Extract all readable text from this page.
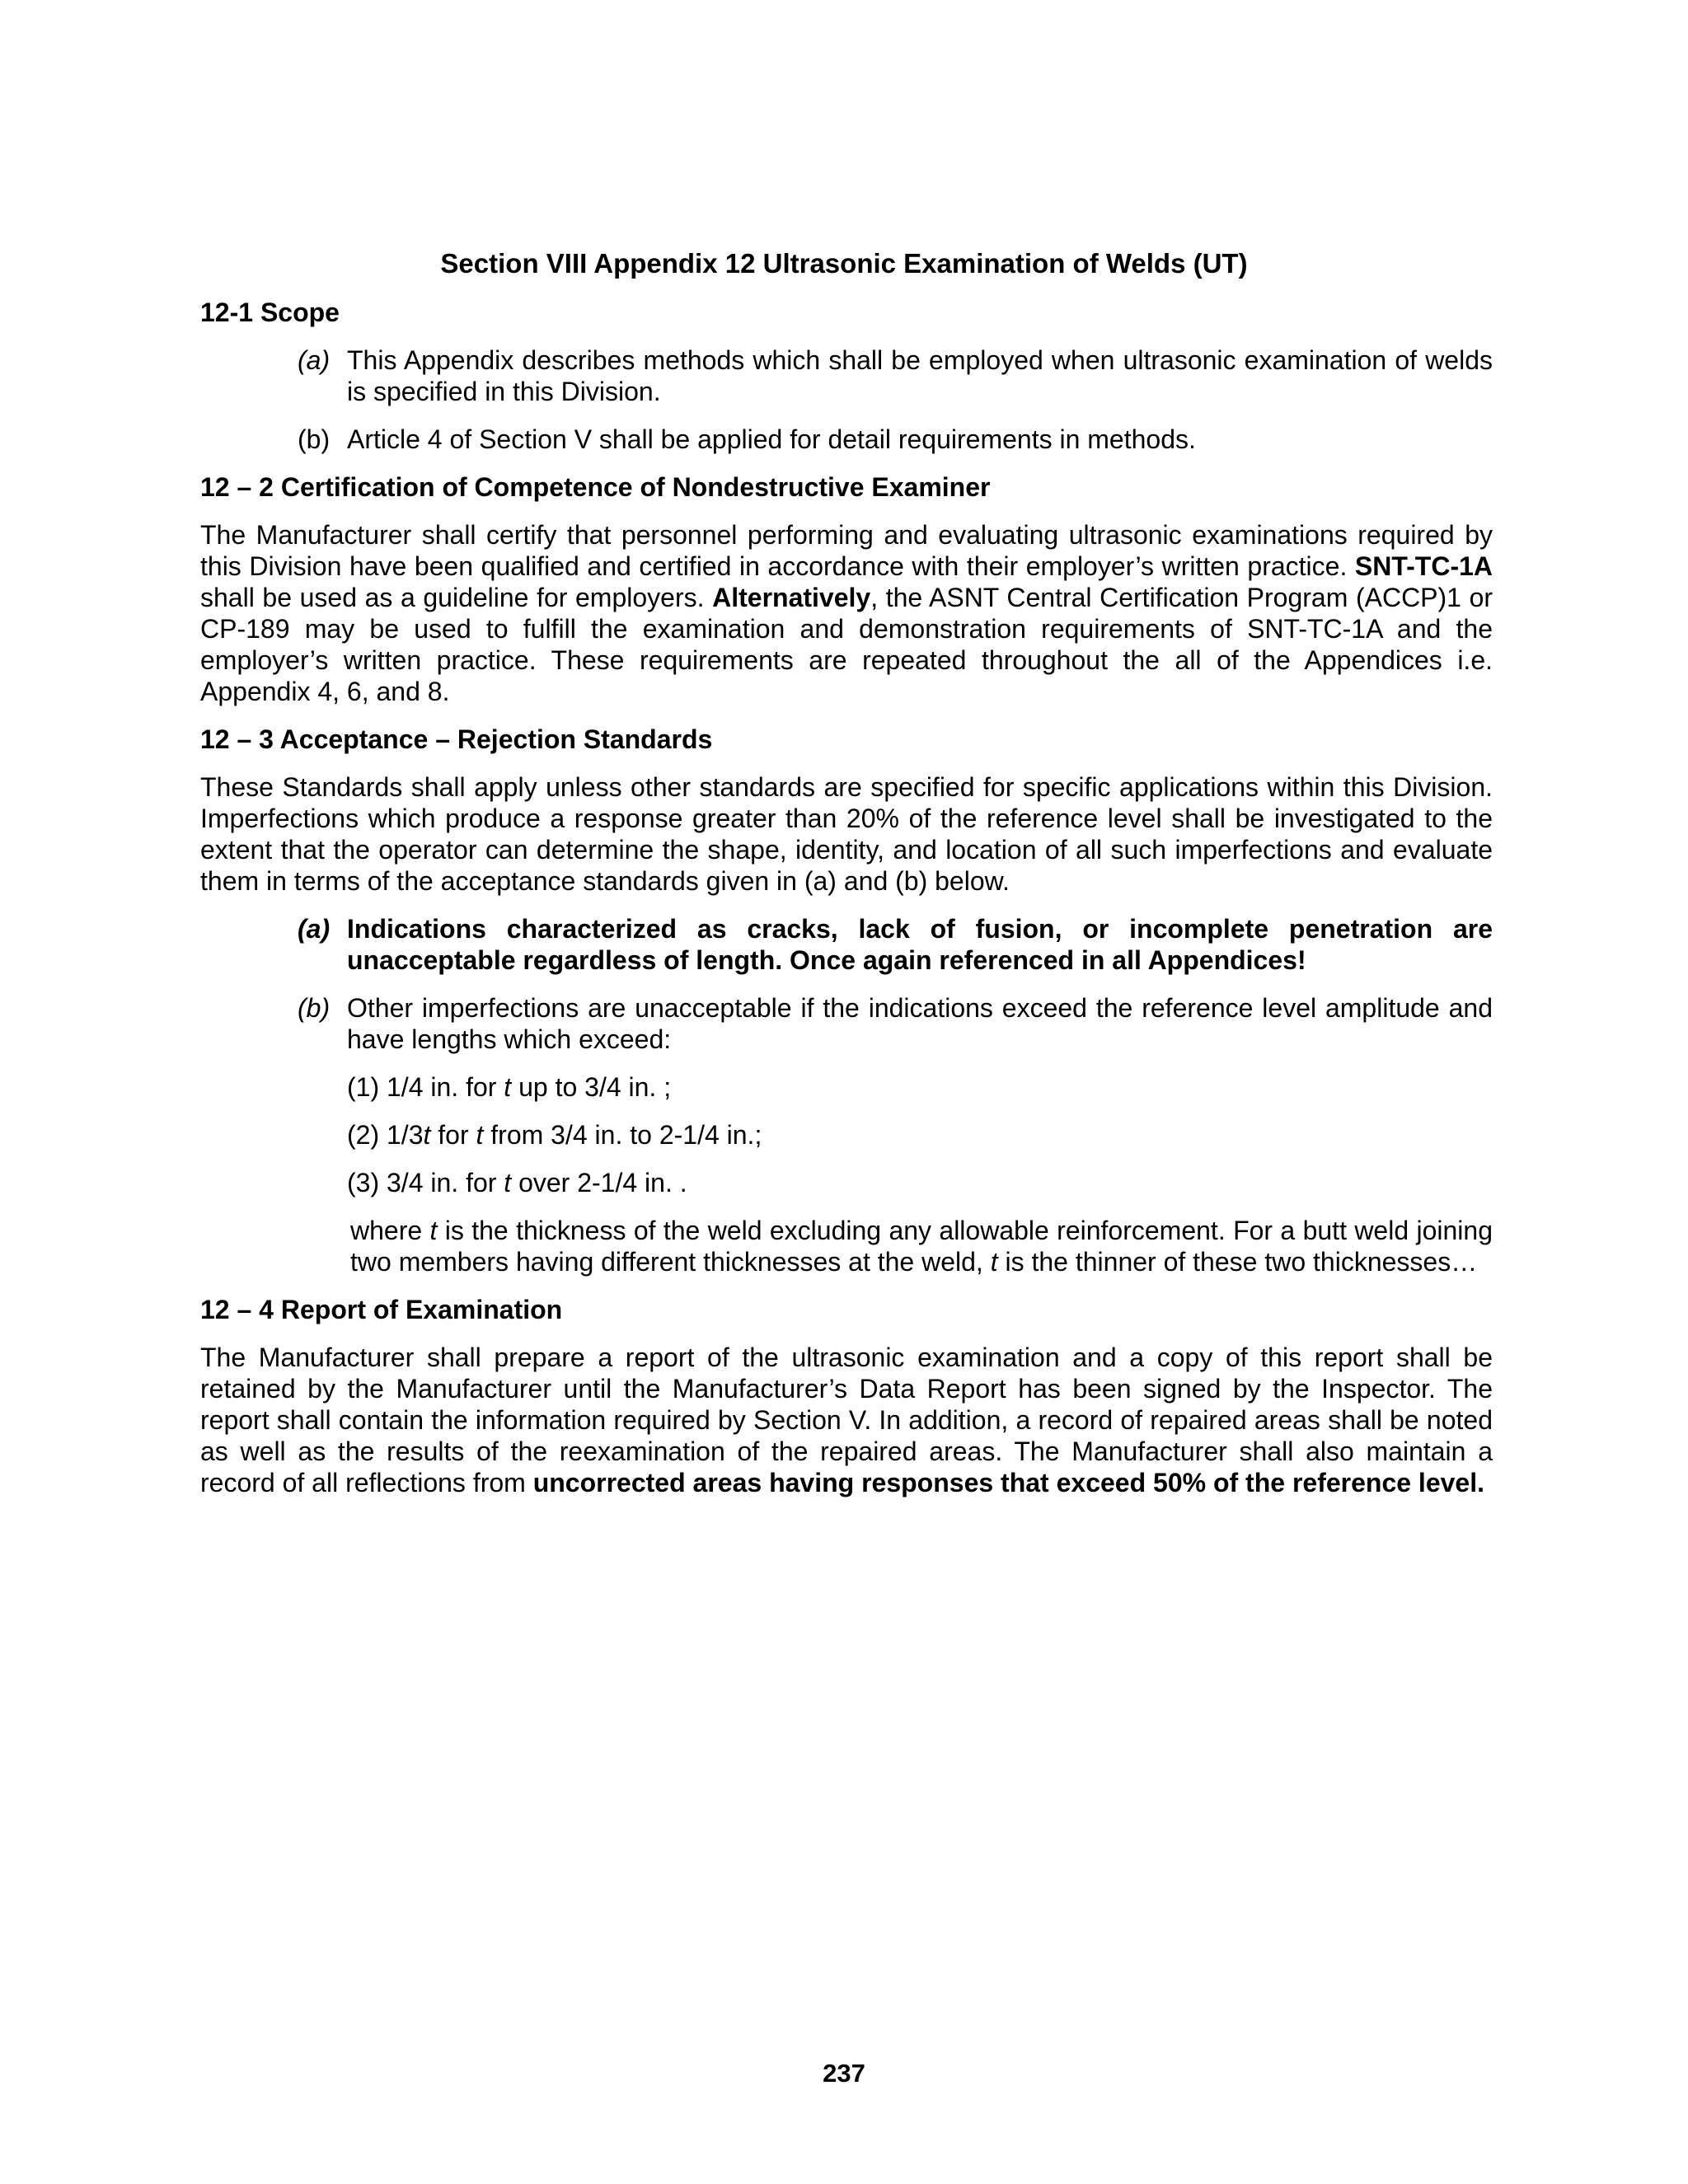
Section VIII Appendix 12 Ultrasonic Examination of Welds (UT)
12-1 Scope
(a) This Appendix describes methods which shall be employed when ultrasonic examination of welds is specified in this Division.
(b) Article 4 of Section V shall be applied for detail requirements in methods.
12 – 2 Certification of Competence of Nondestructive Examiner
The Manufacturer shall certify that personnel performing and evaluating ultrasonic examinations required by this Division have been qualified and certified in accordance with their employer’s written practice. SNT-TC-1A shall be used as a guideline for employers. Alternatively, the ASNT Central Certification Program (ACCP)1 or CP-189 may be used to fulfill the examination and demonstration requirements of SNT-TC-1A and the employer’s written practice. These requirements are repeated throughout the all of the Appendices i.e. Appendix 4, 6, and 8.
12 – 3 Acceptance – Rejection Standards
These Standards shall apply unless other standards are specified for specific applications within this Division. Imperfections which produce a response greater than 20% of the reference level shall be investigated to the extent that the operator can determine the shape, identity, and location of all such imperfections and evaluate them in terms of the acceptance standards given in (a) and (b) below.
(a) Indications characterized as cracks, lack of fusion, or incomplete penetration are unacceptable regardless of length. Once again referenced in all Appendices!
(b) Other imperfections are unacceptable if the indications exceed the reference level amplitude and have lengths which exceed:
(1) 1/4 in. for t up to 3/4 in. ;
(2) 1/3t for t from 3/4 in. to 2-1/4 in.;
(3) 3/4 in. for t over 2-1/4 in. .
where t is the thickness of the weld excluding any allowable reinforcement. For a butt weld joining two members having different thicknesses at the weld, t is the thinner of these two thicknesses…
12 – 4 Report of Examination
The Manufacturer shall prepare a report of the ultrasonic examination and a copy of this report shall be retained by the Manufacturer until the Manufacturer’s Data Report has been signed by the Inspector. The report shall contain the information required by Section V. In addition, a record of repaired areas shall be noted as well as the results of the reexamination of the repaired areas. The Manufacturer shall also maintain a record of all reflections from uncorrected areas having responses that exceed 50% of the reference level.
237
